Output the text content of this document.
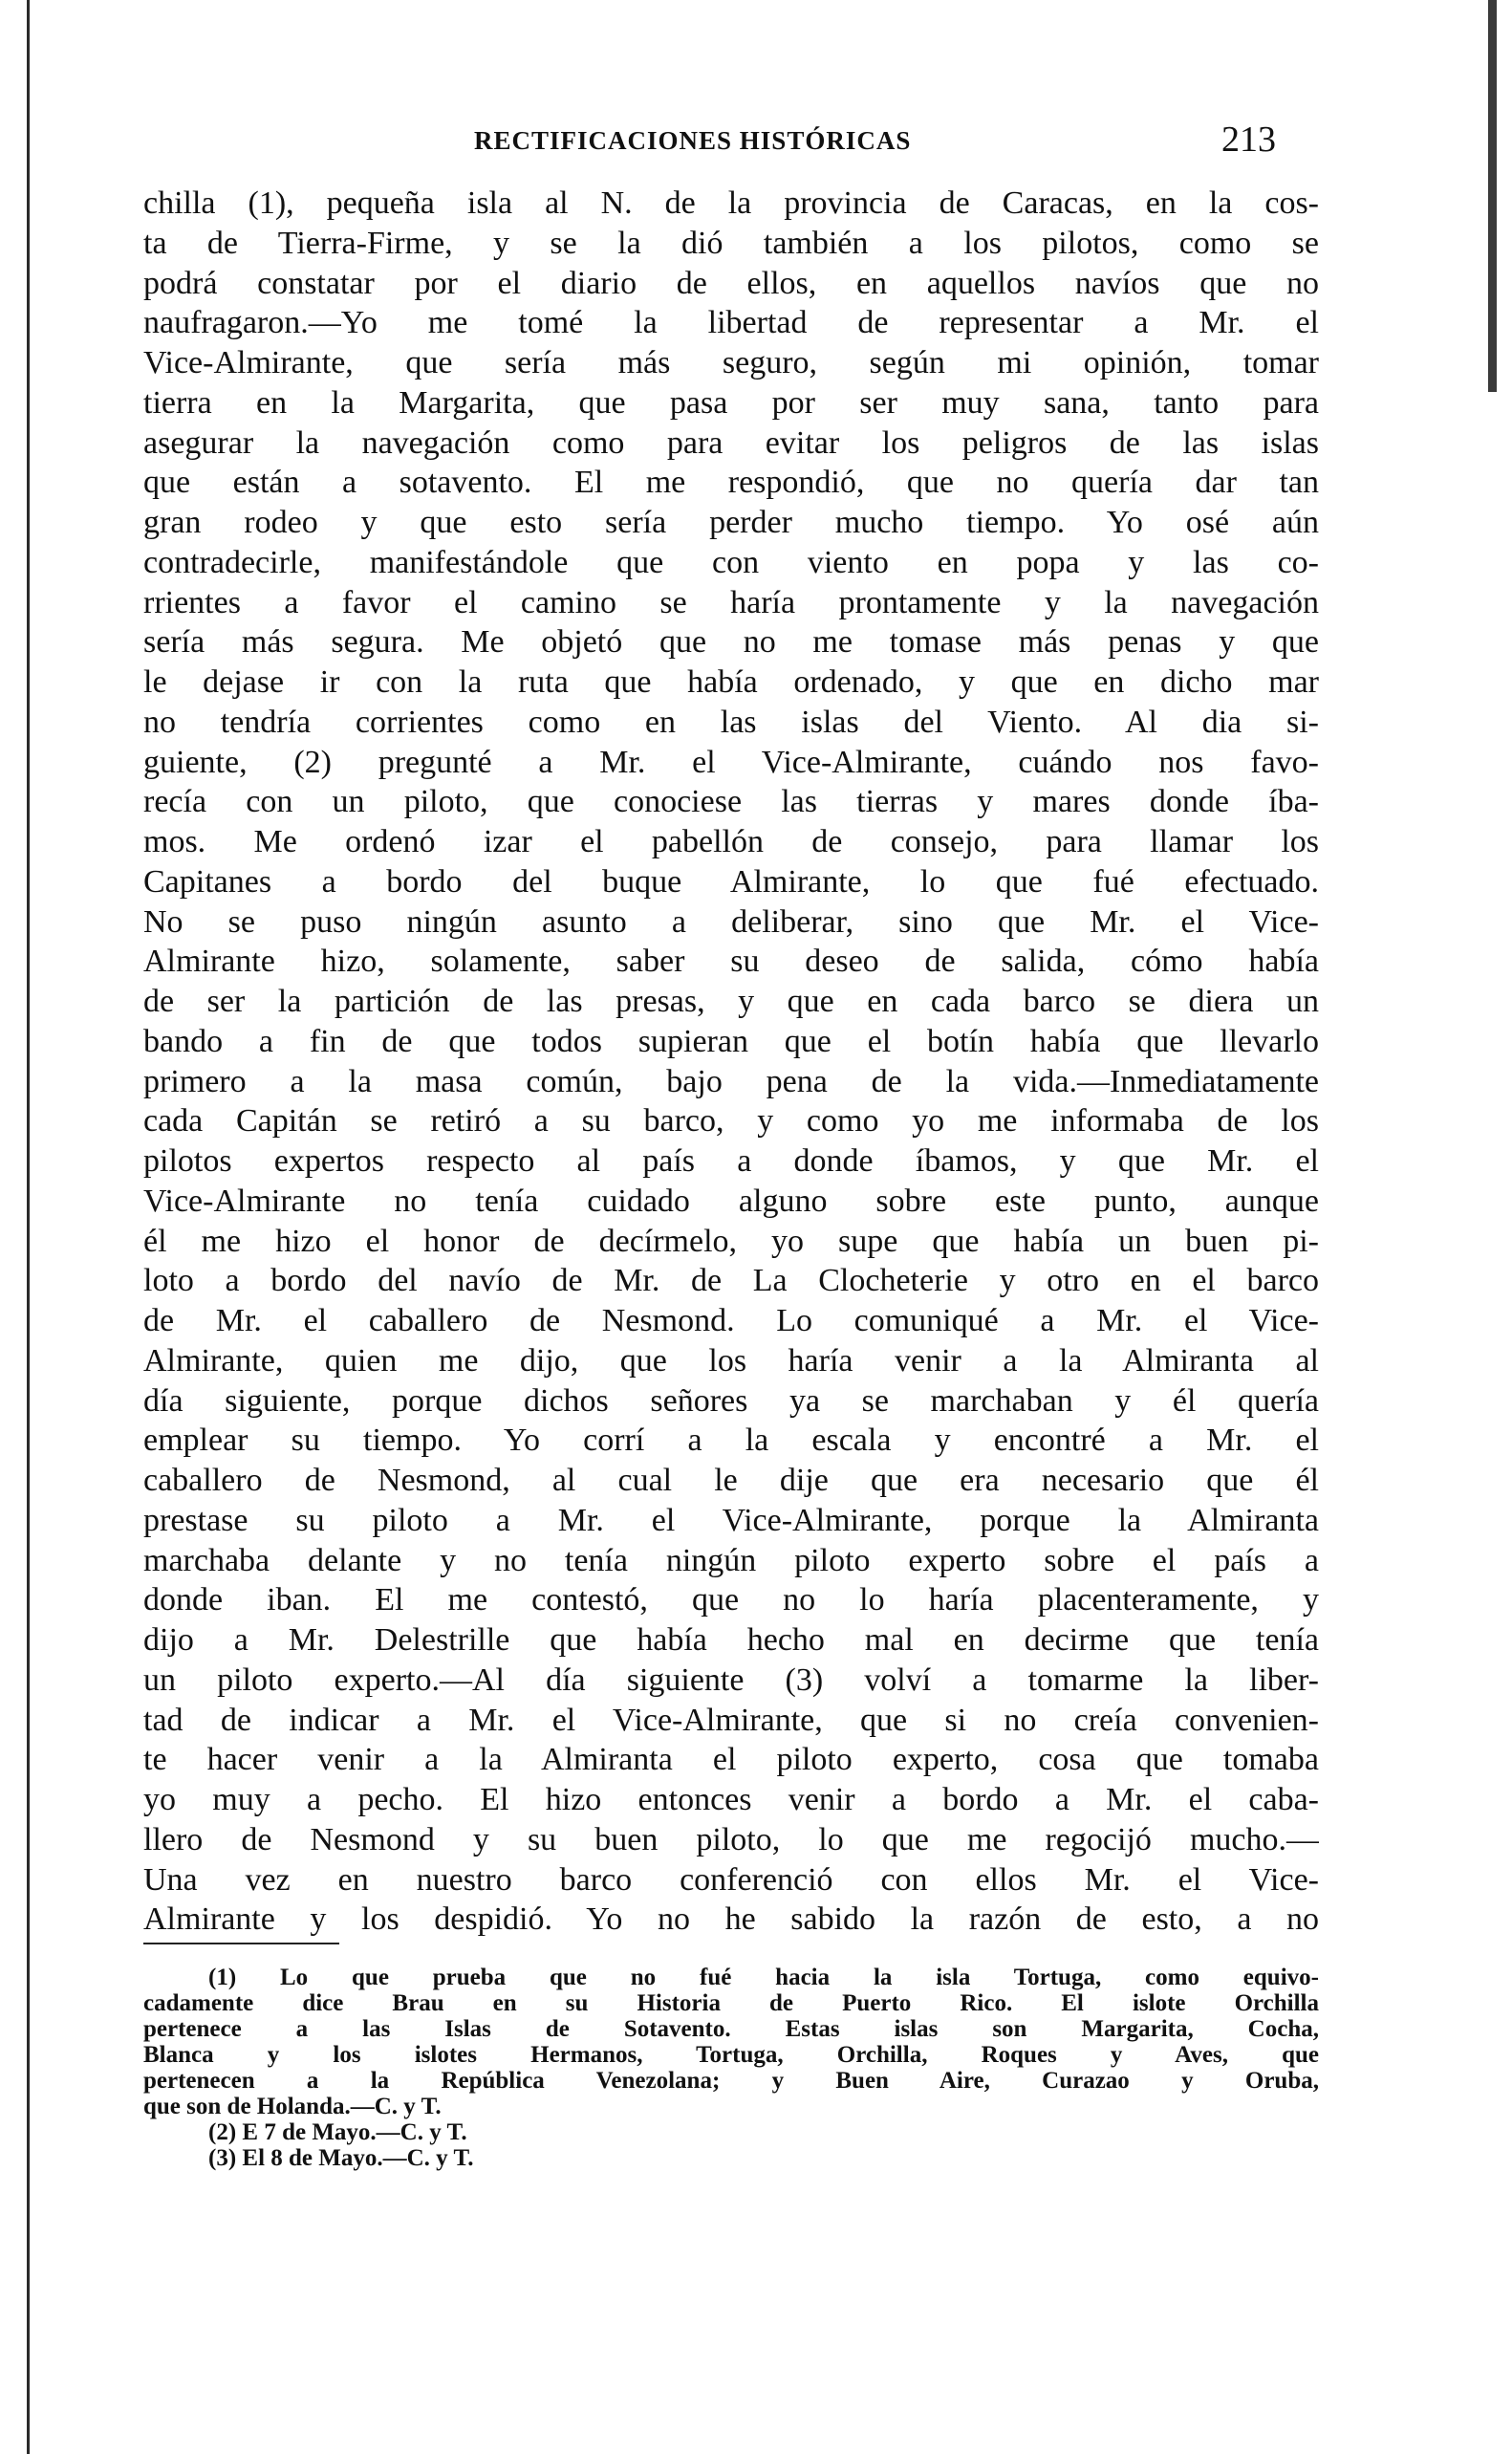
RECTIFICACIONES HISTÓRICAS	213
chilla (1), pequeña isla al N. de la provincia de Caracas, en la cos-
ta de Tierra-Firme, y se la dió también a los pilotos, como se
podrá constatar por el diario de ellos, en aquellos navíos que no
naufragaron.—Yo me tomé la libertad de representar a Mr. el
Vice-Almirante, que sería más seguro, según mi opinión, tomar
tierra en la Margarita, que pasa por ser muy sana, tanto para
asegurar la navegación como para evitar los peligros de las islas
que están a sotavento. El me respondió, que no quería dar tan
gran rodeo y que esto sería perder mucho tiempo. Yo osé aún
contradecirle, manifestándole que con viento en popa y las co-
rrientes a favor el camino se haría prontamente y la navegación
sería más segura. Me objetó que no me tomase más penas y que
le dejase ir con la ruta que había ordenado, y que en dicho mar
no tendría corrientes como en las islas del Viento. Al dia si-
guiente, (2) pregunté a Mr. el Vice-Almirante, cuándo nos favo-
recía con un piloto, que conociese las tierras y mares donde íba-
mos. Me ordenó izar el pabellón de consejo, para llamar los
Capitanes a bordo del buque Almirante, lo que fué efectuado.
No se puso ningún asunto a deliberar, sino que Mr. el Vice-
Almirante hizo, solamente, saber su deseo de salida, cómo había
de ser la partición de las presas, y que en cada barco se diera un
bando a fin de que todos supieran que el botín había que llevarlo
primero a la masa común, bajo pena de la vida.—Inmediatamente
cada Capitán se retiró a su barco, y como yo me informaba de los
pilotos expertos respecto al país a donde íbamos, y que Mr. el
Vice-Almirante no tenía cuidado alguno sobre este punto, aunque
él me hizo el honor de decírmelo, yo supe que había un buen pi-
loto a bordo del navío de Mr. de La Clocheterie y otro en el barco
de Mr. el caballero de Nesmond. Lo comuniqué a Mr. el Vice-
Almirante, quien me dijo, que los haría venir a la Almiranta al
día siguiente, porque dichos señores ya se marchaban y él quería
emplear su tiempo. Yo corrí a la escala y encontré a Mr. el
caballero de Nesmond, al cual le dije que era necesario que él
prestase su piloto a Mr. el Vice-Almirante, porque la Almiranta
marchaba delante y no tenía ningún piloto experto sobre el país a
donde iban. El me contestó, que no lo haría placenteramente, y
dijo a Mr. Delestrille que había hecho mal en decirme que tenía
un piloto experto.—Al día siguiente (3) volví a tomarme la liber-
tad de indicar a Mr. el Vice-Almirante, que si no creía convenien-
te hacer venir a la Almiranta el piloto experto, cosa que tomaba
yo muy a pecho. El hizo entonces venir a bordo a Mr. el caba-
llero de Nesmond y su buen piloto, lo que me regocijó mucho.—
Una vez en nuestro barco conferenció con ellos Mr. el Vice-
Almirante y los despidió. Yo no he sabido la razón de esto, a no
(1) Lo que prueba que no fué hacia la isla Tortuga, como equivo-
cadamente dice Brau en su Historia de Puerto Rico. El islote Orchilla
pertenece a las Islas de Sotavento. Estas islas son Margarita, Cocha,
Blanca y los islotes Hermanos, Tortuga, Orchilla, Roques y Aves, que
pertenecen a la República Venezolana; y Buen Aire, Curazao y Oruba,
que son de Holanda.—C. y T.
(2) E 7 de Mayo.—C. y T.
(3) El 8 de Mayo.—C. y T.
